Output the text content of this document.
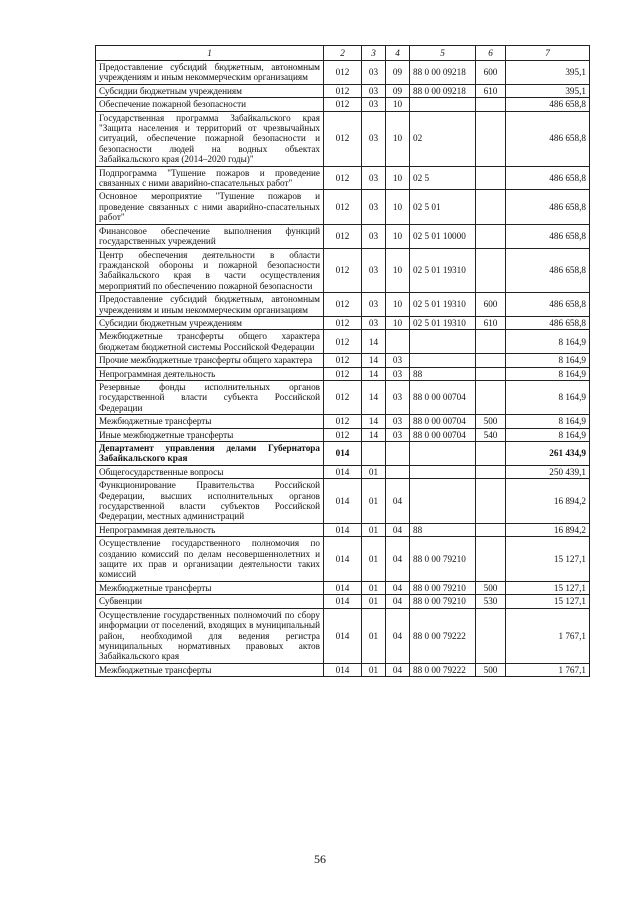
1	2	3	4	5	6	7
Предоставление субсидий бюджетным, автономным учреждениям и иным некоммерческим организациям	012	03	09	88 0 00 09218	600	395,1
Субсидии бюджетным учреждениям	012	03	09	88 0 00 09218	610	395,1
Обеспечение пожарной безопасности	012	03	10			486 658,8
Государственная программа Забайкальского края "Защита населения и территорий от чрезвычайных ситуаций, обеспечение пожарной безопасности и безопасности людей на водных объектах Забайкальского края (2014–2020 годы)"	012	03	10	02		486 658,8
Подпрограмма "Тушение пожаров и проведение связанных с ними аварийно-спасательных работ"	012	03	10	02 5		486 658,8
Основное мероприятие "Тушение пожаров и проведение связанных с ними аварийно-спасательных работ"	012	03	10	02 5 01		486 658,8
Финансовое обеспечение выполнения функций государственных учреждений	012	03	10	02 5 01 10000		486 658,8
Центр обеспечения деятельности в области гражданской обороны и пожарной безопасности Забайкальского края в части осуществления мероприятий по обеспечению пожарной безопасности	012	03	10	02 5 01 19310		486 658,8
Предоставление субсидий бюджетным, автономным учреждениям и иным некоммерческим организациям	012	03	10	02 5 01 19310	600	486 658,8
Субсидии бюджетным учреждениям	012	03	10	02 5 01 19310	610	486 658,8
Межбюджетные трансферты общего характера бюджетам бюджетной системы Российской Федерации	012	14				8 164,9
Прочие межбюджетные трансферты общего характера	012	14	03			8 164,9
Непрограммная деятельность	012	14	03	88		8 164,9
Резервные фонды исполнительных органов государственной власти субъекта Российской Федерации	012	14	03	88 0 00 00704		8 164,9
Межбюджетные трансферты	012	14	03	88 0 00 00704	500	8 164,9
Иные межбюджетные трансферты	012	14	03	88 0 00 00704	540	8 164,9
Департамент управления делами Губернатора Забайкальского края	014					261 434,9
Общегосударственные вопросы	014	01				250 439,1
Функционирование Правительства Российской Федерации, высших исполнительных органов государственной власти субъектов Российской Федерации, местных администраций	014	01	04			16 894,2
Непрограммная деятельность	014	01	04	88		16 894,2
Осуществление государственного полномочия по созданию комиссий по делам несовершеннолетних и защите их прав и организации деятельности таких комиссий	014	01	04	88 0 00 79210		15 127,1
Межбюджетные трансферты	014	01	04	88 0 00 79210	500	15 127,1
Субвенции	014	01	04	88 0 00 79210	530	15 127,1
Осуществление государственных полномочий по сбору информации от поселений, входящих в муниципальный район, необходимой для ведения регистра муниципальных нормативных правовых актов Забайкальского края	014	01	04	88 0 00 79222		1 767,1
Межбюджетные трансферты	014	01	04	88 0 00 79222	500	1 767,1
56
